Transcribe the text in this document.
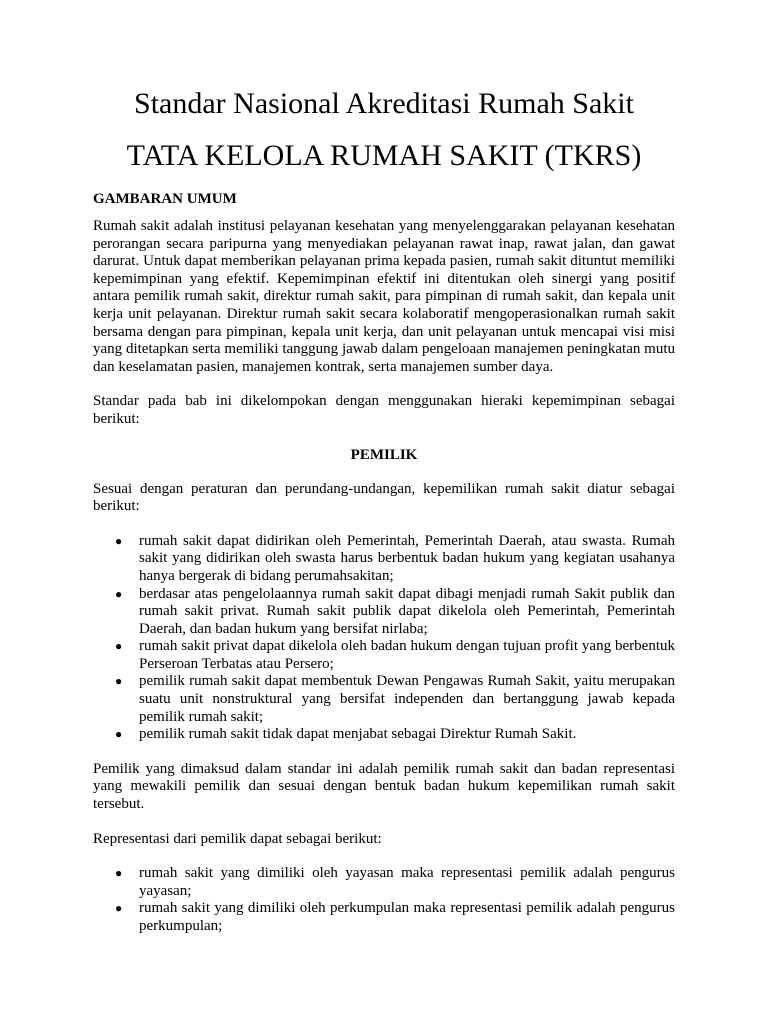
Standar Nasional Akreditasi Rumah Sakit
TATA KELOLA RUMAH SAKIT (TKRS)
GAMBARAN UMUM

Rumah sakit adalah institusi pelayanan kesehatan yang menyelenggarakan pelayanan kesehatan perorangan secara paripurna yang menyediakan pelayanan rawat inap, rawat jalan, dan gawat darurat. Untuk dapat memberikan pelayanan prima kepada pasien, rumah sakit dituntut memiliki kepemimpinan yang efektif. Kepemimpinan efektif ini ditentukan oleh sinergi yang positif antara pemilik rumah sakit, direktur rumah sakit, para pimpinan di rumah sakit, dan kepala unit kerja unit pelayanan. Direktur rumah sakit secara kolaboratif mengoperasionalkan rumah sakit bersama dengan para pimpinan, kepala unit kerja, dan unit pelayanan untuk mencapai visi misi yang ditetapkan serta memiliki tanggung jawab dalam pengeloaan manajemen peningkatan mutu dan keselamatan pasien, manajemen kontrak, serta manajemen sumber daya.

Standar pada bab ini dikelompokan dengan menggunakan hieraki kepemimpinan sebagai berikut:

PEMILIK

Sesuai dengan peraturan dan perundang-undangan, kepemilikan rumah sakit diatur sebagai berikut:

● rumah sakit dapat didirikan oleh Pemerintah, Pemerintah Daerah, atau swasta. Rumah sakit yang didirikan oleh swasta harus berbentuk badan hukum yang kegiatan usahanya hanya bergerak di bidang perumahsakitan;
● berdasar atas pengelolaannya rumah sakit dapat dibagi menjadi rumah Sakit publik dan rumah sakit privat. Rumah sakit publik dapat dikelola oleh Pemerintah, Pemerintah Daerah, dan badan hukum yang bersifat nirlaba;
● rumah sakit privat dapat dikelola oleh badan hukum dengan tujuan profit yang berbentuk Perseroan Terbatas atau Persero;
● pemilik rumah sakit dapat membentuk Dewan Pengawas Rumah Sakit, yaitu merupakan suatu unit nonstruktural yang bersifat independen dan bertanggung jawab kepada pemilik rumah sakit;
● pemilik rumah sakit tidak dapat menjabat sebagai Direktur Rumah Sakit.

Pemilik yang dimaksud dalam standar ini adalah pemilik rumah sakit dan badan representasi yang mewakili pemilik dan sesuai dengan bentuk badan hukum kepemilikan rumah sakit tersebut.

Representasi dari pemilik dapat sebagai berikut:

● rumah sakit yang dimiliki oleh yayasan maka representasi pemilik adalah pengurus yayasan;
● rumah sakit yang dimiliki oleh perkumpulan maka representasi pemilik adalah pengurus perkumpulan;
